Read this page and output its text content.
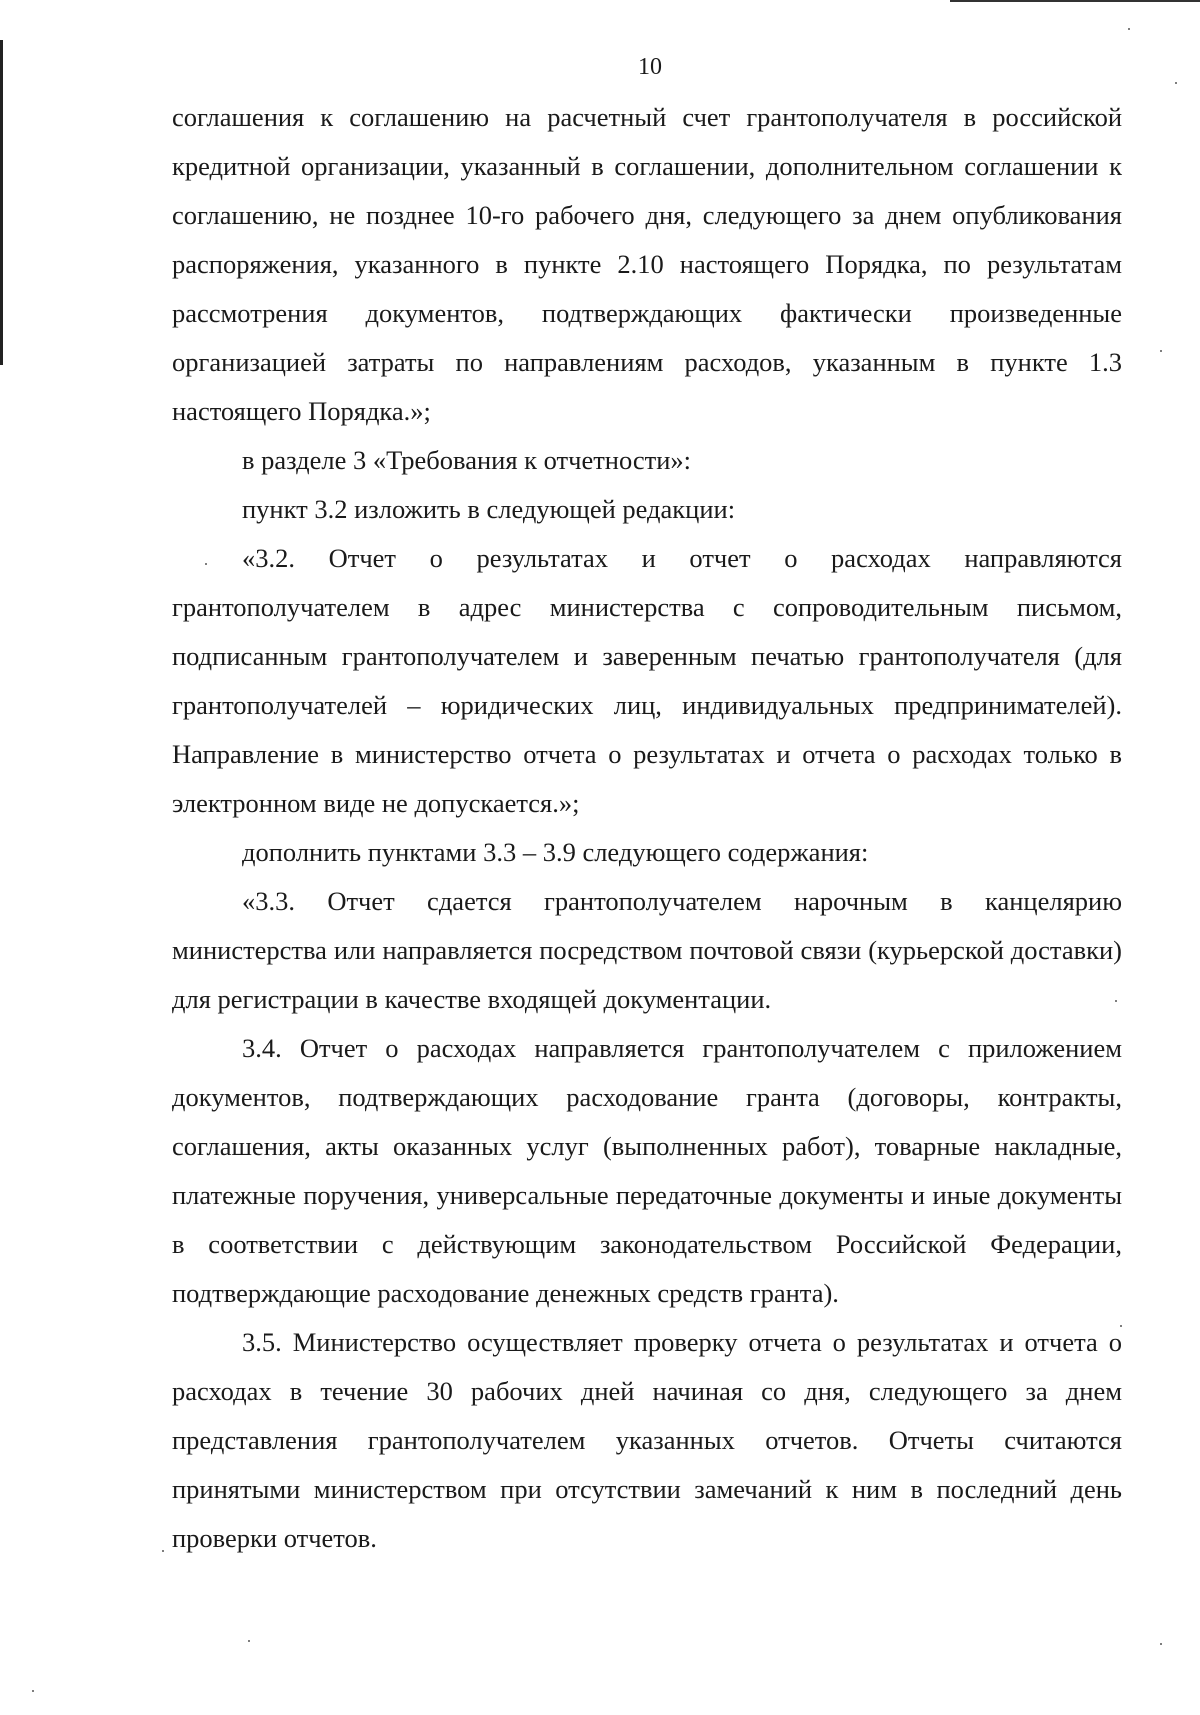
10

соглашения к соглашению на расчетный счет грантополучателя в российской кредитной организации, указанный в соглашении, дополнительном соглашении к соглашению, не позднее 10-го рабочего дня, следующего за днем опубликования распоряжения, указанного в пункте 2.10 настоящего Порядка, по результатам рассмотрения документов, подтверждающих фактически произведенные организацией затраты по направлениям расходов, указанным в пункте 1.3 настоящего Порядка.»;

в разделе 3 «Требования к отчетности»:

пункт 3.2 изложить в следующей редакции:

«3.2. Отчет о результатах и отчет о расходах направляются грантополучателем в адрес министерства с сопроводительным письмом, подписанным грантополучателем и заверенным печатью грантополучателя (для грантополучателей – юридических лиц, индивидуальных предприниматeлей). Направление в министерство отчета о результатах и отчета о расходах только в электронном виде не допускается.»;

дополнить пунктами 3.3 – 3.9 следующего содержания:

«3.3. Отчет сдается грантополучателем нарочным в канцелярию министерства или направляется посредством почтовой связи (курьерской доставки) для регистрации в качестве входящей документации.

3.4. Отчет о расходах направляется грантополучателем с приложением документов, подтверждающих расходование гранта (договоры, контракты, соглашения, акты оказанных услуг (выполненных работ), товарные накладные, платежные поручения, универсальные передаточные документы и иные документы в соответствии с действующим законодательством Российской Федерации, подтверждающие расходование денежных средств гранта).

3.5. Министерство осуществляет проверку отчета о результатах и отчета о расходах в течение 30 рабочих дней начиная со дня, следующего за днем представления грантополучателем указанных отчетов. Отчеты считаются принятыми министерством при отсутствии замечаний к ним в последний день проверки отчетов.
